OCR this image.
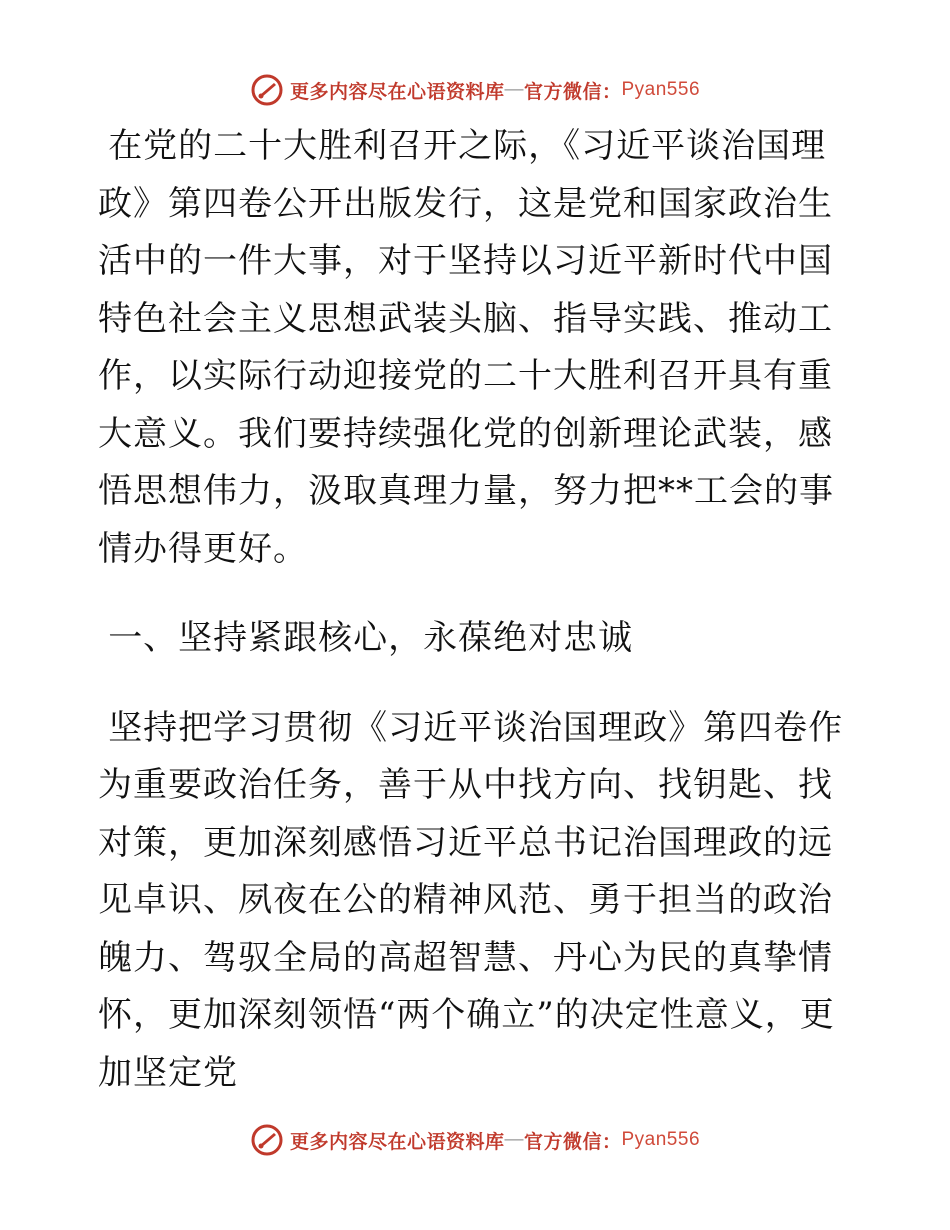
更多内容尽在心语资料库 — 官方微信： Pyan556

在党的二十大胜利召开之际，《习近平谈治国理政》第四卷公开出版发行，这是党和国家政治生活中的一件大事，对于坚持以习近平新时代中国特色社会主义思想武装头脑、指导实践、推动工作，以实际行动迎接党的二十大胜利召开具有重大意义。我们要持续强化党的创新理论武装，感悟思想伟力，汲取真理力量，努力把**工会的事情办得更好。

一、坚持紧跟核心，永葆绝对忠诚

坚持把学习贯彻《习近平谈治国理政》第四卷作为重要政治任务，善于从中找方向、找钥匙、找对策，更加深刻感悟习近平总书记治国理政的远见卓识、夙夜在公的精神风范、勇于担当的政治魄力、驾驭全局的高超智慧、丹心为民的真挚情怀，更加深刻领悟“两个确立”的决定性意义，更加坚定党

更多内容尽在心语资料库 — 官方微信： Pyan556
